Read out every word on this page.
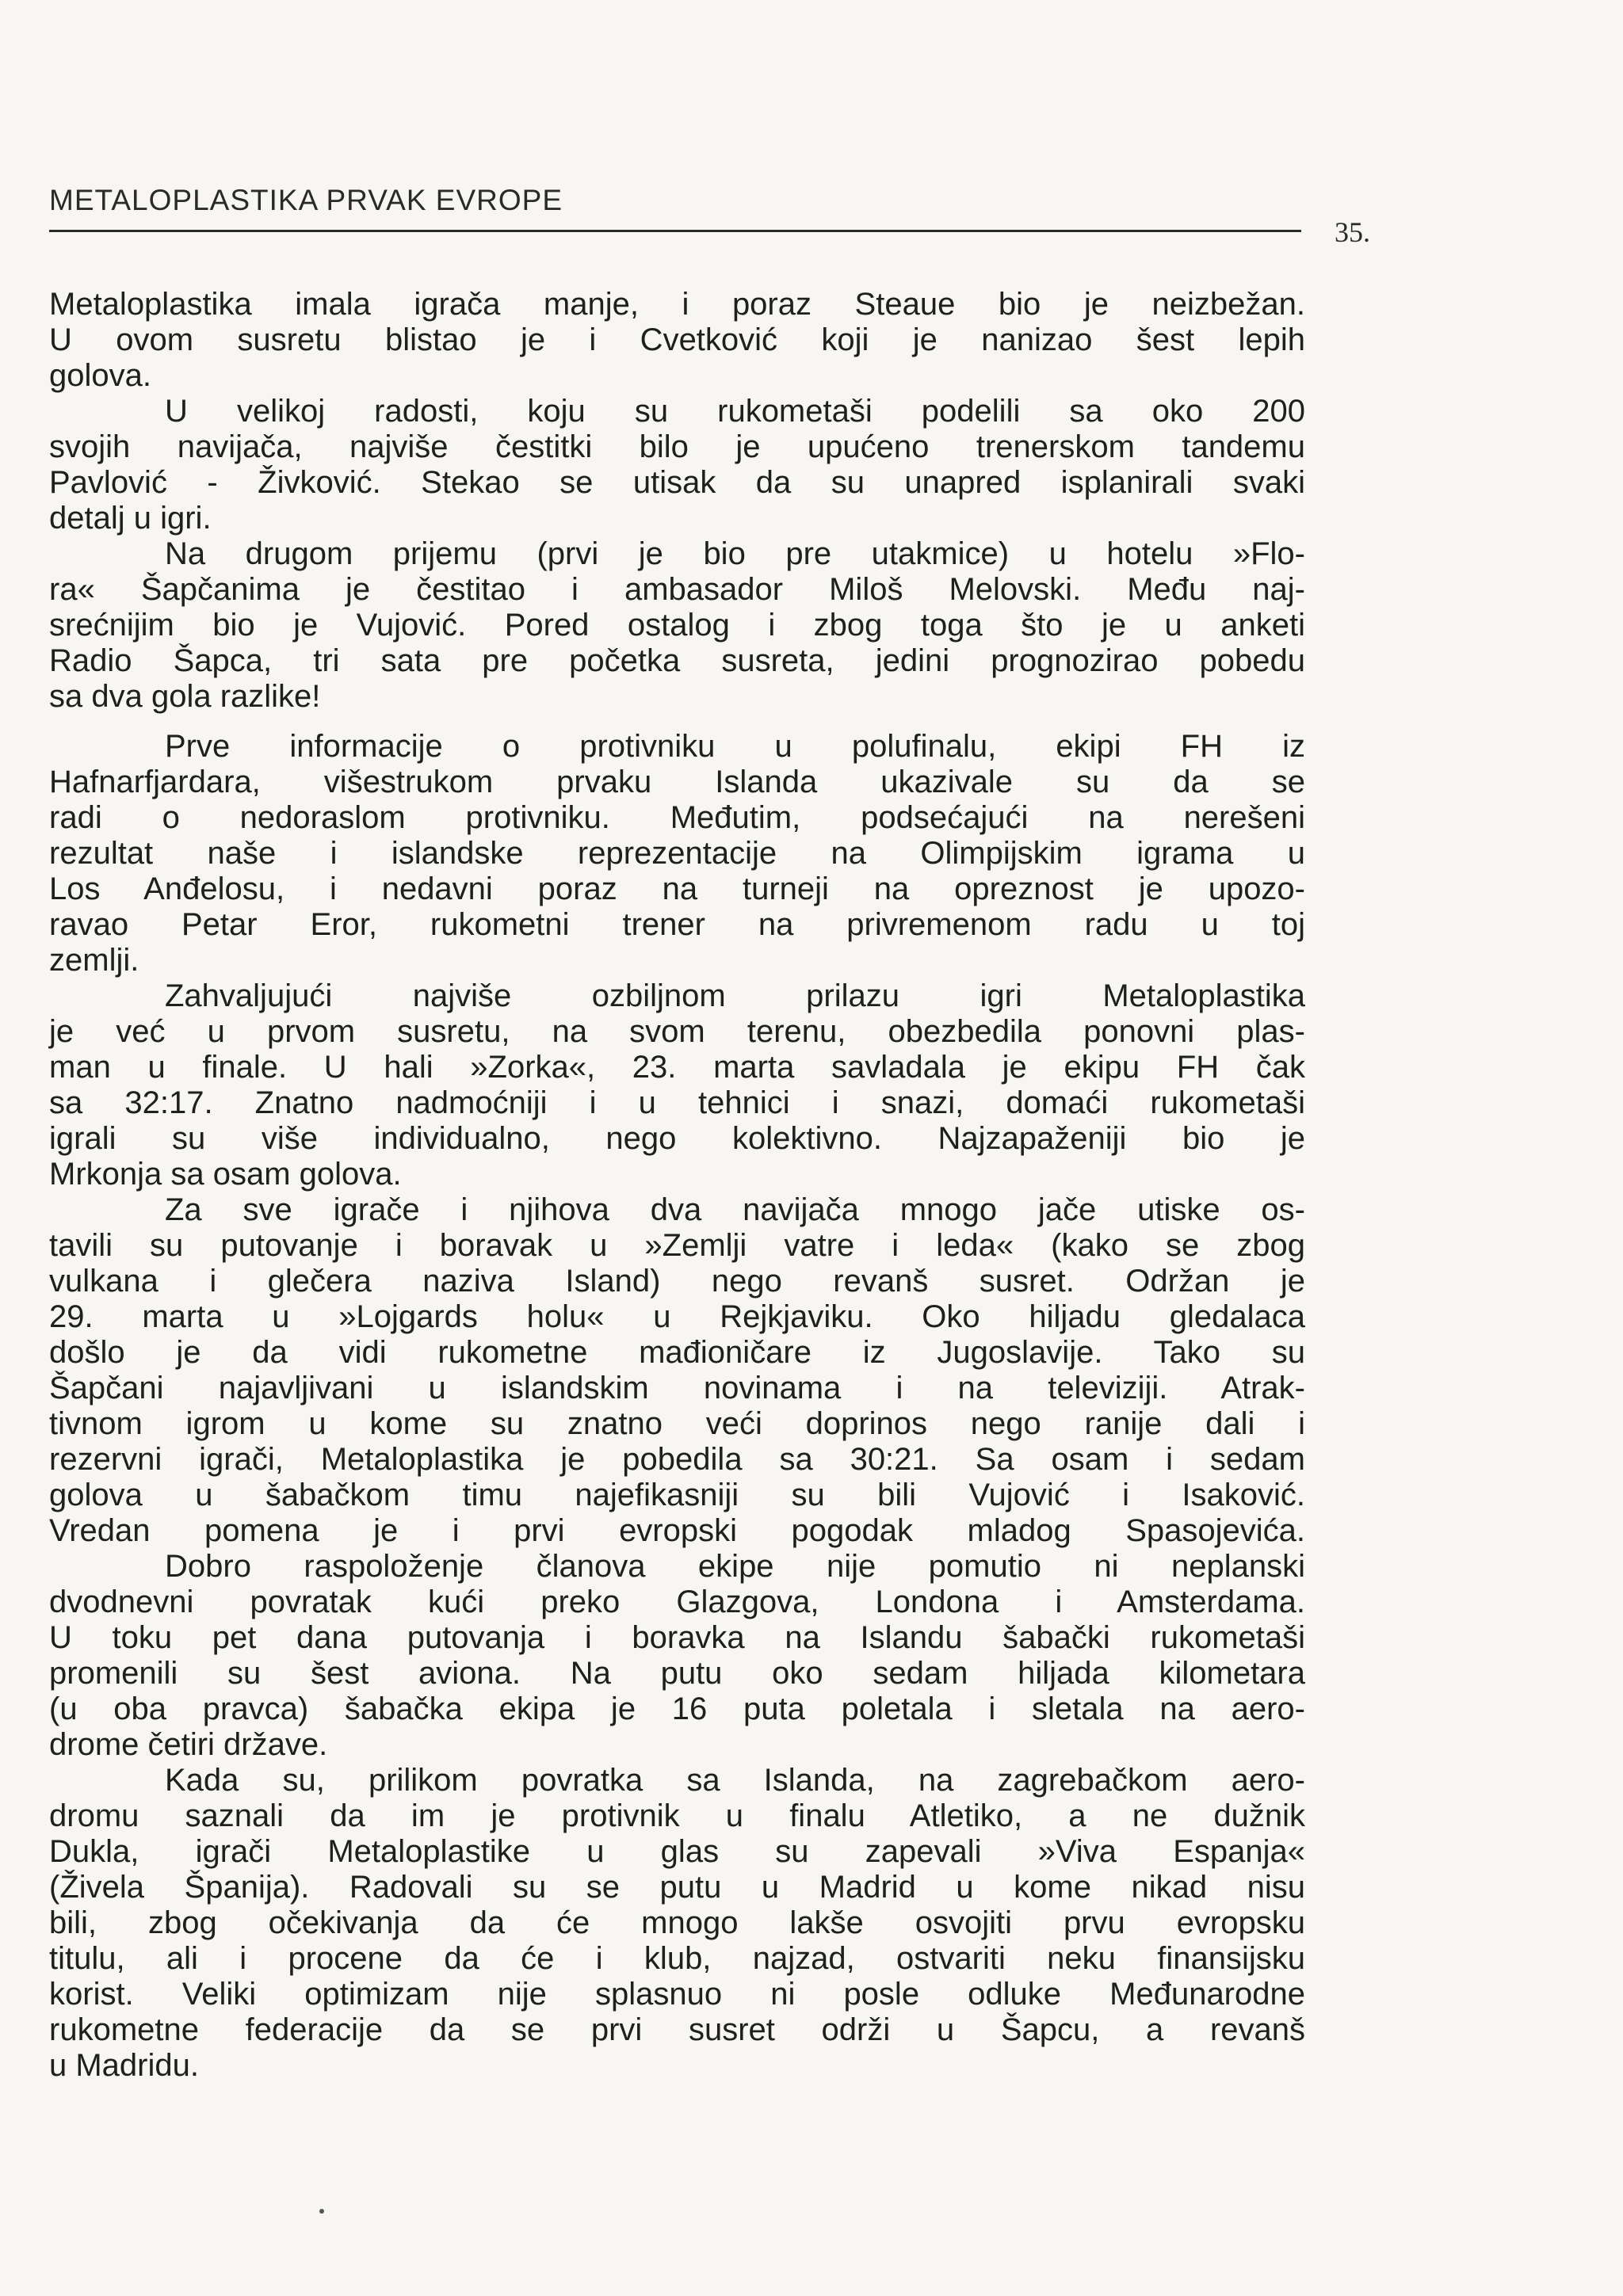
METALOPLASTIKA PRVAK EVROPE
35.
Metaloplastika imala igrača manje, i poraz Steaue bio je neizbežan.
U ovom susretu blistao je i Cvetković koji je nanizao šest lepih
golova.
U velikoj radosti, koju su rukometaši podelili sa oko 200
svojih navijača, najviše čestitki bilo je upućeno trenerskom tandemu
Pavlović - Živković. Stekao se utisak da su unapred isplanirali svaki
detalj u igri.
Na drugom prijemu (prvi je bio pre utakmice) u hotelu »Flo-
ra« Šapčanima je čestitao i ambasador Miloš Melovski. Među naj-
srećnijim bio je Vujović. Pored ostalog i zbog toga što je u anketi
Radio Šapca, tri sata pre početka susreta, jedini prognozirao pobedu
sa dva gola razlike!
Prve informacije o protivniku u polufinalu, ekipi FH iz
Hafnarfjardara, višestrukom prvaku Islanda ukazivale su da se
radi o nedoraslom protivniku. Međutim, podsećajući na nerešeni
rezultat naše i islandske reprezentacije na Olimpijskim igrama u
Los Anđelosu, i nedavni poraz na turneji na opreznost je upozo-
ravao Petar Eror, rukometni trener na privremenom radu u toj
zemlji.
Zahvaljujući najviše ozbiljnom prilazu igri Metaloplastika
je već u prvom susretu, na svom terenu, obezbedila ponovni plas-
man u finale. U hali »Zorka«, 23. marta savladala je ekipu FH čak
sa 32:17. Znatno nadmoćniji i u tehnici i snazi, domaći rukometaši
igrali su više individualno, nego kolektivno. Najzapaženiji bio je
Mrkonja sa osam golova.
Za sve igrače i njihova dva navijača mnogo jače utiske os-
tavili su putovanje i boravak u »Zemlji vatre i leda« (kako se zbog
vulkana i glečera naziva Island) nego revanš susret. Održan je
29. marta u »Lojgards holu« u Rejkjaviku. Oko hiljadu gledalaca
došlo je da vidi rukometne mađioničare iz Jugoslavije. Tako su
Šapčani najavljivani u islandskim novinama i na televiziji. Atrak-
tivnom igrom u kome su znatno veći doprinos nego ranije dali i
rezervni igrači, Metaloplastika je pobedila sa 30:21. Sa osam i sedam
golova u šabačkom timu najefikasniji su bili Vujović i Isaković.
Vredan pomena je i prvi evropski pogodak mladog Spasojevića.
Dobro raspoloženje članova ekipe nije pomutio ni neplanski
dvodnevni povratak kući preko Glazgova, Londona i Amsterdama.
U toku pet dana putovanja i boravka na Islandu šabački rukometaši
promenili su šest aviona. Na putu oko sedam hiljada kilometara
(u oba pravca) šabačka ekipa je 16 puta poletala i sletala na aero-
drome četiri države.
Kada su, prilikom povratka sa Islanda, na zagrebačkom aero-
dromu saznali da im je protivnik u finalu Atletiko, a ne dužnik
Dukla, igrači Metaloplastike u glas su zapevali »Viva Espanja«
(Živela Španija). Radovali su se putu u Madrid u kome nikad nisu
bili, zbog očekivanja da će mnogo lakše osvojiti prvu evropsku
titulu, ali i procene da će i klub, najzad, ostvariti neku finansijsku
korist. Veliki optimizam nije splasnuo ni posle odluke Međunarodne
rukometne federacije da se prvi susret održi u Šapcu, a revanš
u Madridu.
